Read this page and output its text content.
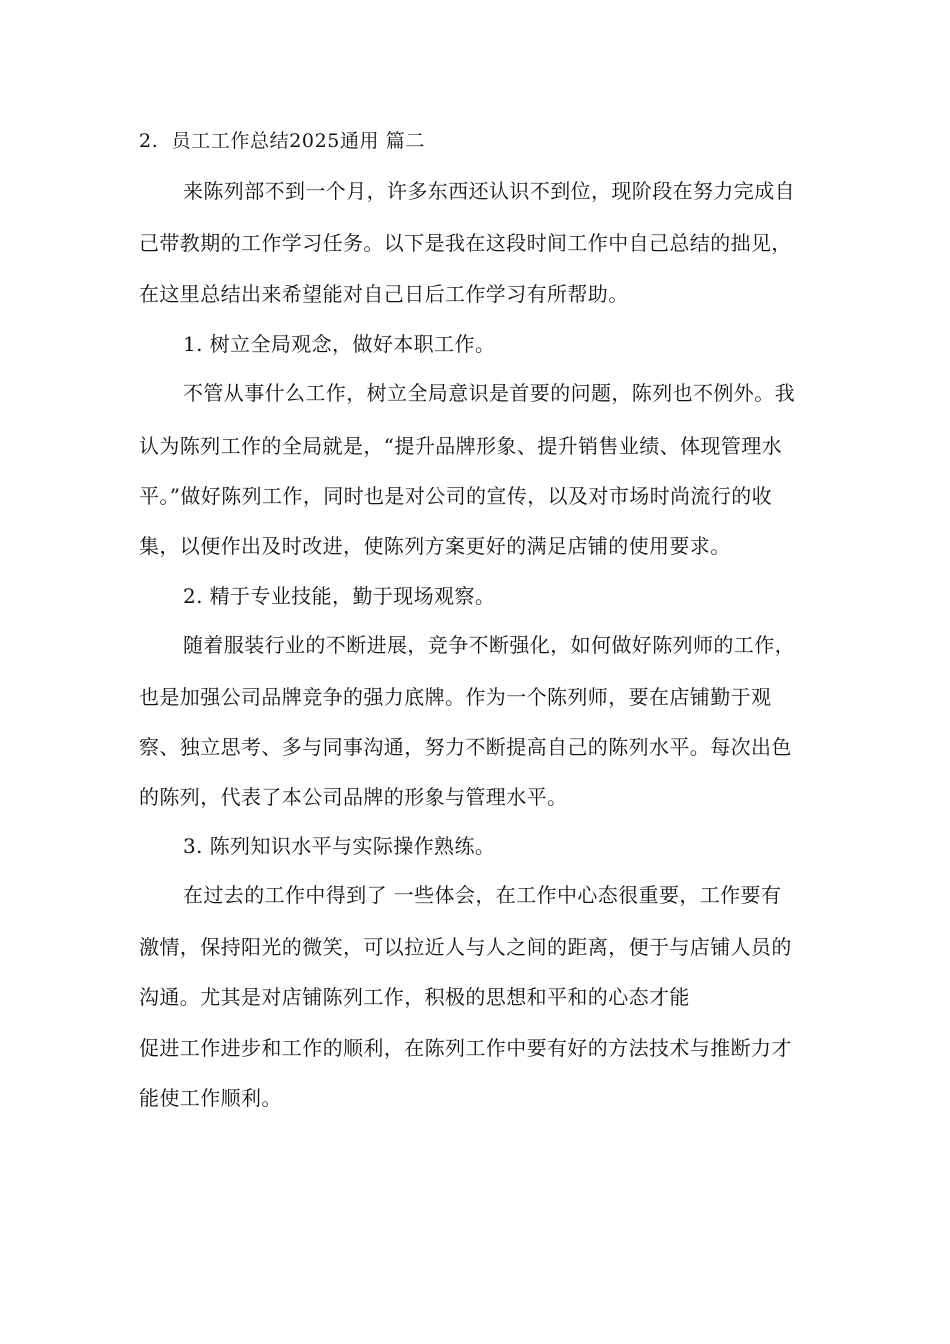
2.  员工工作总结2025通用 篇二
来陈列部不到一个月，许多东西还认识不到位，现阶段在努力完成自
己带教期的工作学习任务。以下是我在这段时间工作中自己总结的拙见，
在这里总结出来希望能对自己日后工作学习有所帮助。
1. 树立全局观念，做好本职工作。
不管从事什么工作，树立全局意识是首要的问题，陈列也不例外。我
认为陈列工作的全局就是，“提升品牌形象、提升销售业绩、体现管理水
平。”做好陈列工作，同时也是对公司的宣传，以及对市场时尚流行的收
集，以便作出及时改进，使陈列方案更好的满足店铺的使用要求。
2. 精于专业技能，勤于现场观察。
随着服装行业的不断进展，竞争不断强化，如何做好陈列师的工作，
也是加强公司品牌竞争的强力底牌。作为一个陈列师，要在店铺勤于观
察、独立思考、多与同事沟通，努力不断提高自己的陈列水平。每次出色
的陈列，代表了本公司品牌的形象与管理水平。
3. 陈列知识水平与实际操作熟练。
在过去的工作中得到了 一些体会，在工作中心态很重要，工作要有
激情，保持阳光的微笑，可以拉近人与人之间的距离，便于与店铺人员的
沟通。尤其是对店铺陈列工作，积极的思想和平和的心态才能
促进工作进步和工作的顺利，在陈列工作中要有好的方法技术与推断力才
能使工作顺利。
